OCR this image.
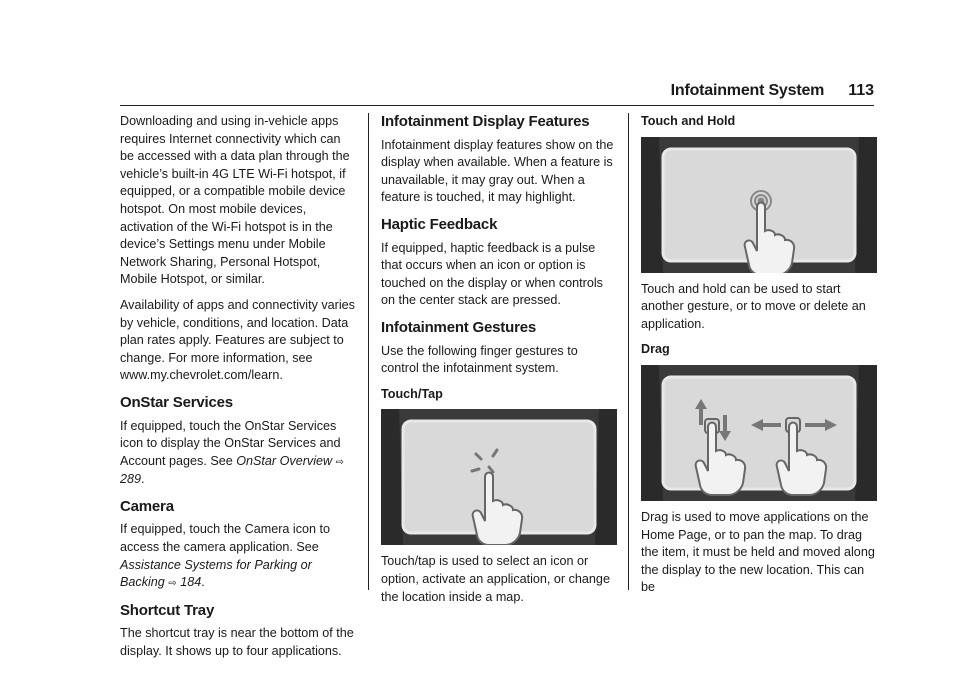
Infotainment System 113

Downloading and using in-vehicle apps requires Internet connectivity which can be accessed with a data plan through the vehicle’s built-in 4G LTE Wi-Fi hotspot, if equipped, or a compatible mobile device hotspot. On most mobile devices, activation of the Wi-Fi hotspot is in the device’s Settings menu under Mobile Network Sharing, Personal Hotspot, Mobile Hotspot, or similar.

Availability of apps and connectivity varies by vehicle, conditions, and location. Data plan rates apply. Features are subject to change. For more information, see www.my.chevrolet.com/learn.

OnStar Services

If equipped, touch the OnStar Services icon to display the OnStar Services and Account pages. See OnStar Overview ⇨ 289.

Camera

If equipped, touch the Camera icon to access the camera application. See Assistance Systems for Parking or Backing ⇨ 184.

Shortcut Tray

The shortcut tray is near the bottom of the display. It shows up to four applications.

Infotainment Display Features

Infotainment display features show on the display when available. When a feature is unavailable, it may gray out. When a feature is touched, it may highlight.

Haptic Feedback

If equipped, haptic feedback is a pulse that occurs when an icon or option is touched on the display or when controls on the center stack are pressed.

Infotainment Gestures

Use the following finger gestures to control the infotainment system.

Touch/Tap

Touch/tap is used to select an icon or option, activate an application, or change the location inside a map.

Touch and Hold

Touch and hold can be used to start another gesture, or to move or delete an application.

Drag

Drag is used to move applications on the Home Page, or to pan the map. To drag the item, it must be held and moved along the display to the new location. This can be
